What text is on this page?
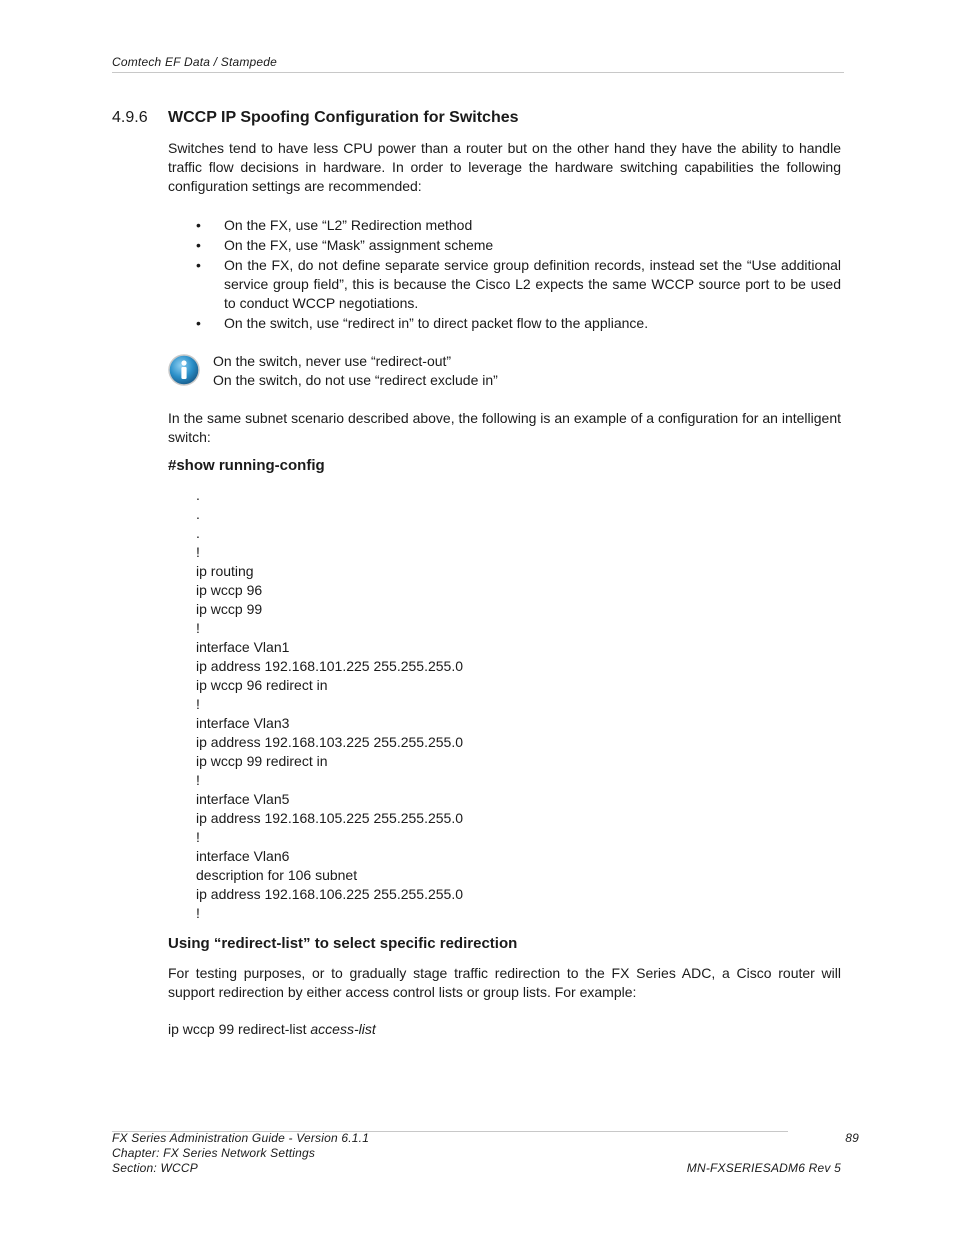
Comtech EF Data / Stampede
4.9.6 WCCP IP Spoofing Configuration for Switches
Switches tend to have less CPU power than a router but on the other hand they have the ability to handle traffic flow decisions in hardware. In order to leverage the hardware switching capabilities the following configuration settings are recommended:
• On the FX, use “L2” Redirection method
• On the FX, use “Mask” assignment scheme
• On the FX, do not define separate service group definition records, instead set the “Use additional service group field”, this is because the Cisco L2 expects the same WCCP source port to be used to conduct WCCP negotiations.
• On the switch, use “redirect in” to direct packet flow to the appliance.
On the switch, never use “redirect-out”
On the switch, do not use “redirect exclude in”
In the same subnet scenario described above, the following is an example of a configuration for an intelligent switch:
#show running-config
.
.
.
!
ip routing
ip wccp 96
ip wccp 99
!
interface Vlan1
ip address 192.168.101.225 255.255.255.0
ip wccp 96 redirect in
!
interface Vlan3
ip address 192.168.103.225 255.255.255.0
ip wccp 99 redirect in
!
interface Vlan5
ip address 192.168.105.225 255.255.255.0
!
interface Vlan6
description for 106 subnet
ip address 192.168.106.225 255.255.255.0
!
Using “redirect-list” to select specific redirection
For testing purposes, or to gradually stage traffic redirection to the FX Series ADC, a Cisco router will support redirection by either access control lists or group lists. For example:
ip wccp 99 redirect-list access-list
FX Series Administration Guide - Version 6.1.1
Chapter: FX Series Network Settings
Section: WCCP
89
MN-FXSERIESADM6 Rev 5
